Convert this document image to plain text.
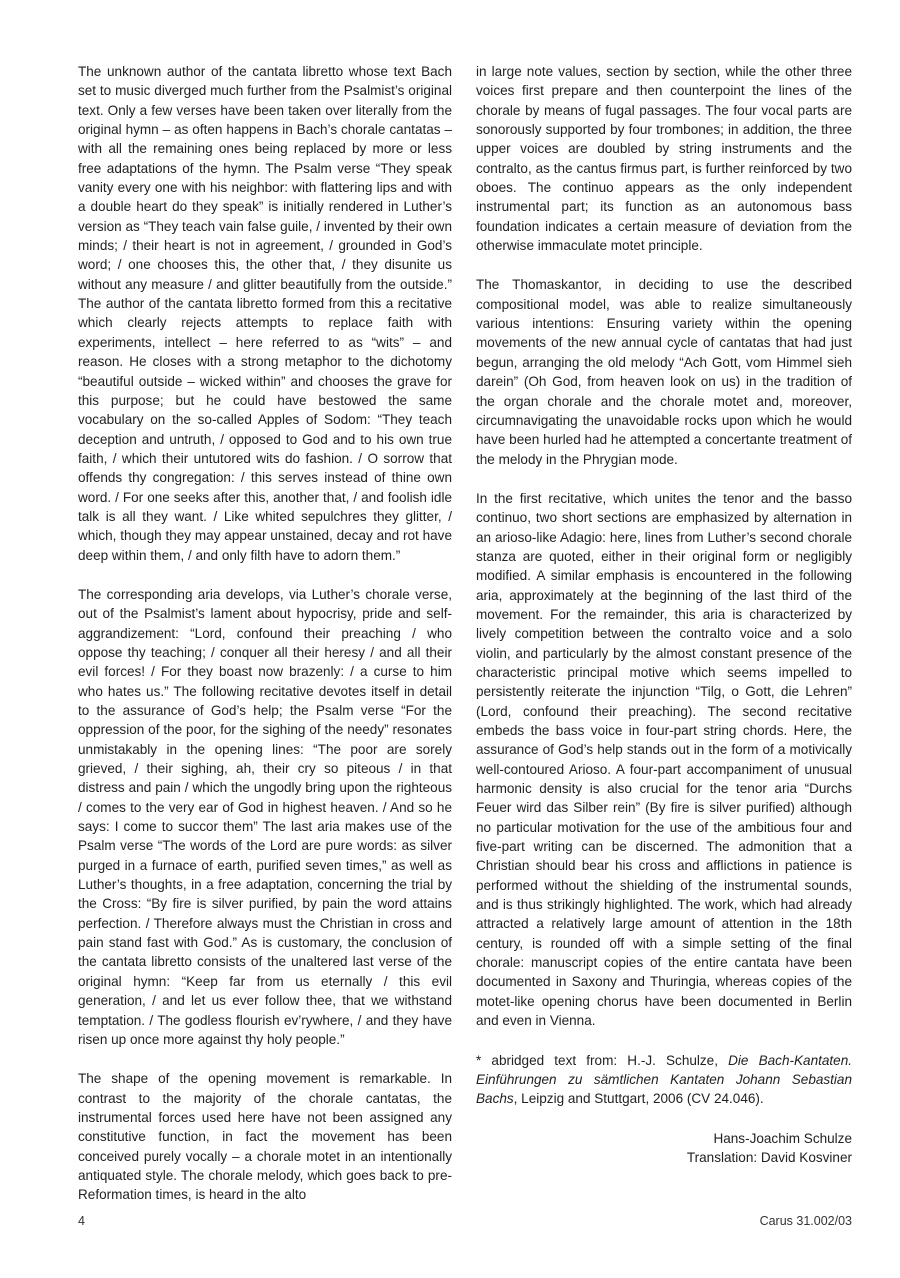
The unknown author of the cantata libretto whose text Bach set to music diverged much further from the Psalmist’s original text. Only a few verses have been taken over literally from the original hymn – as often happens in Bach’s chorale cantatas – with all the remaining ones being replaced by more or less free adaptations of the hymn. The Psalm verse “They speak vanity every one with his neighbor: with flattering lips and with a double heart do they speak” is initially rendered in Luther’s version as “They teach vain false guile, / invented by their own minds; / their heart is not in agreement, / grounded in God’s word; / one chooses this, the other that, / they disunite us without any measure / and glitter beautifully from the outside.” The author of the cantata libretto formed from this a recitative which clearly rejects attempts to replace faith with experiments, intellect – here referred to as “wits” – and reason. He closes with a strong metaphor to the dichotomy “beautiful outside – wicked within” and chooses the grave for this purpose; but he could have bestowed the same vocabulary on the so-called Apples of Sodom: “They teach deception and untruth, / opposed to God and to his own true faith, / which their untutored wits do fashion. / O sorrow that offends thy congregation: / this serves instead of thine own word. / For one seeks after this, another that, / and foolish idle talk is all they want. / Like whited sepulchres they glitter, / which, though they may appear unstained, decay and rot have deep within them, / and only filth have to adorn them.”

The corresponding aria develops, via Luther’s chorale verse, out of the Psalmist’s lament about hypocrisy, pride and self-aggrandizement: “Lord, confound their preaching / who oppose thy teaching; / conquer all their heresy / and all their evil forces! / For they boast now brazenly: / a curse to him who hates us.” The following recitative devotes itself in detail to the assurance of God’s help; the Psalm verse “For the oppression of the poor, for the sighing of the needy” resonates unmistakably in the opening lines: “The poor are sorely grieved, / their sighing, ah, their cry so piteous / in that distress and pain / which the ungodly bring upon the righteous / comes to the very ear of God in highest heaven. / And so he says: I come to succor them” The last aria makes use of the Psalm verse “The words of the Lord are pure words: as silver purged in a furnace of earth, purified seven times,” as well as Luther’s thoughts, in a free adaptation, concerning the trial by the Cross: “By fire is silver purified, by pain the word attains perfection. / Therefore always must the Christian in cross and pain stand fast with God.” As is customary, the conclusion of the cantata libretto consists of the unaltered last verse of the original hymn: “Keep far from us eternally / this evil generation, / and let us ever follow thee, that we withstand temptation. / The godless flourish ev’rywhere, / and they have risen up once more against thy holy people.”

The shape of the opening movement is remarkable. In contrast to the majority of the chorale cantatas, the instrumental forces used here have not been assigned any constitutive function, in fact the movement has been conceived purely vocally – a chorale motet in an intentionally antiquated style. The chorale melody, which goes back to pre-Reformation times, is heard in the alto

in large note values, section by section, while the other three voices first prepare and then counterpoint the lines of the chorale by means of fugal passages. The four vocal parts are sonorously supported by four trombones; in addition, the three upper voices are doubled by string instruments and the contralto, as the cantus firmus part, is further reinforced by two oboes. The continuo appears as the only independent instrumental part; its function as an autonomous bass foundation indicates a certain measure of deviation from the otherwise immaculate motet principle.

The Thomaskantor, in deciding to use the described compositional model, was able to realize simultaneously various intentions: Ensuring variety within the opening movements of the new annual cycle of cantatas that had just begun, arranging the old melody “Ach Gott, vom Himmel sieh darein” (Oh God, from heaven look on us) in the tradition of the organ chorale and the chorale motet and, moreover, circumnavigating the unavoidable rocks upon which he would have been hurled had he attempted a concertante treatment of the melody in the Phrygian mode.

In the first recitative, which unites the tenor and the basso continuo, two short sections are emphasized by alternation in an arioso-like Adagio: here, lines from Luther’s second chorale stanza are quoted, either in their original form or negligibly modified. A similar emphasis is encountered in the following aria, approximately at the beginning of the last third of the movement. For the remainder, this aria is characterized by lively competition between the contralto voice and a solo violin, and particularly by the almost constant presence of the characteristic principal motive which seems impelled to persistently reiterate the injunction “Tilg, o Gott, die Lehren” (Lord, confound their preaching). The second recitative embeds the bass voice in four-part string chords. Here, the assurance of God’s help stands out in the form of a motivically well-contoured Arioso. A four-part accompaniment of unusual harmonic density is also crucial for the tenor aria “Durchs Feuer wird das Silber rein” (By fire is silver purified) although no particular motivation for the use of the ambitious four and five-part writing can be discerned. The admonition that a Christian should bear his cross and afflictions in patience is performed without the shielding of the instrumental sounds, and is thus strikingly highlighted. The work, which had already attracted a relatively large amount of attention in the 18th century, is rounded off with a simple setting of the final chorale: manuscript copies of the entire cantata have been documented in Saxony and Thuringia, whereas copies of the motet-like opening chorus have been documented in Berlin and even in Vienna.

* abridged text from: H.-J. Schulze, Die Bach-Kantaten. Einführungen zu sämtlichen Kantaten Johann Sebastian Bachs, Leipzig and Stuttgart, 2006 (CV 24.046).

Hans-Joachim Schulze
Translation: David Kosviner
4	Carus 31.002/03
